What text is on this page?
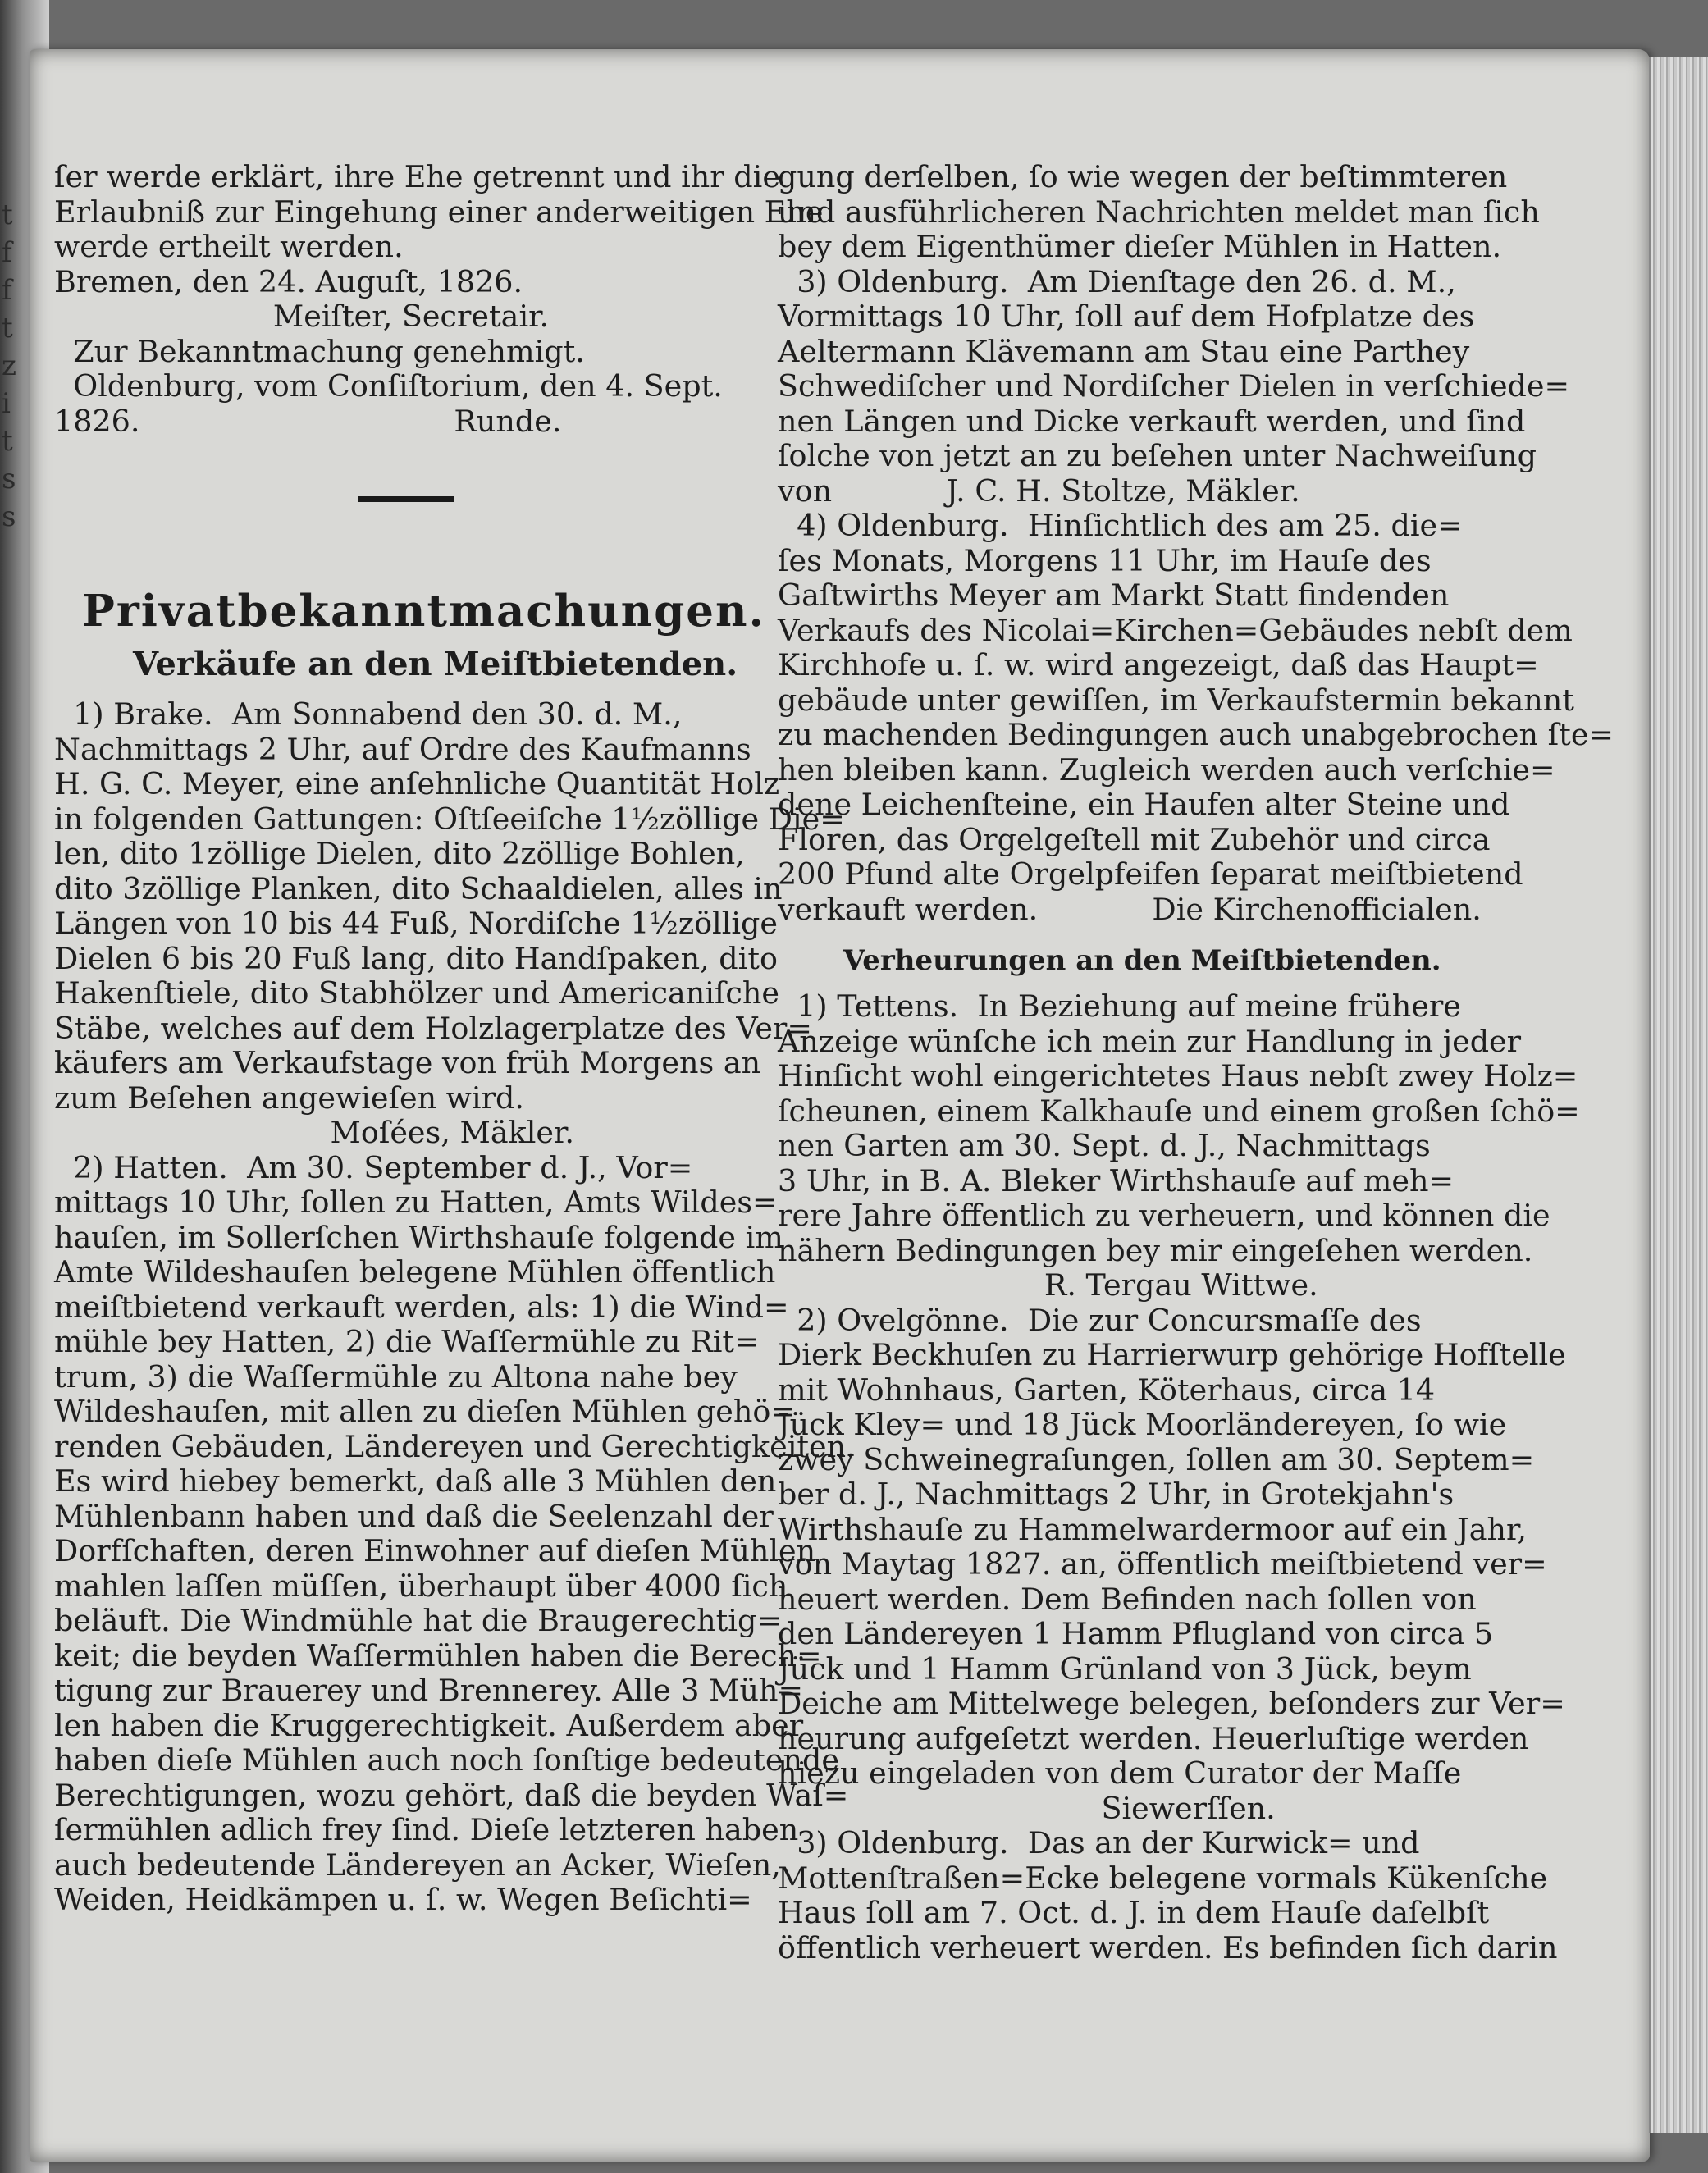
t
f
f
t
z
i
t
s
s
ſer werde erklärt, ihre Ehe getrennt und ihr die
Erlaubniß zur Eingehung einer anderweitigen Ehe
werde ertheilt werden.
Bremen, den 24. Auguſt, 1826.
Meiſter, Secretair.
Zur Bekanntmachung genehmigt.
Oldenburg, vom Conſiſtorium, den 4. Sept.
1826.                                 Runde.
Privatbekanntmachungen.
Verkäufe an den Meiſtbietenden.
1) Brake.  Am Sonnabend den 30. d. M.,
Nachmittags 2 Uhr, auf Ordre des Kaufmanns
H. G. C. Meyer, eine anſehnliche Quantität Holz
in folgenden Gattungen: Oſtſeeiſche 1½zöllige Die=
len, dito 1zöllige Dielen, dito 2zöllige Bohlen,
dito 3zöllige Planken, dito Schaaldielen, alles in
Längen von 10 bis 44 Fuß, Nordiſche 1½zöllige
Dielen 6 bis 20 Fuß lang, dito Handſpaken, dito
Hakenſtiele, dito Stabhölzer und Americaniſche
Stäbe, welches auf dem Holzlagerplatze des Ver=
käufers am Verkaufstage von früh Morgens an
zum Beſehen angewieſen wird.
Moſées, Mäkler.
2) Hatten.  Am 30. September d. J., Vor=
mittags 10 Uhr, ſollen zu Hatten, Amts Wildes=
hauſen, im Sollerſchen Wirthshauſe folgende im
Amte Wildeshauſen belegene Mühlen öffentlich
meiſtbietend verkauft werden, als: 1) die Wind=
mühle bey Hatten, 2) die Waſſermühle zu Rit=
trum, 3) die Waſſermühle zu Altona nahe bey
Wildeshauſen, mit allen zu dieſen Mühlen gehö=
renden Gebäuden, Ländereyen und Gerechtigkeiten.
Es wird hiebey bemerkt, daß alle 3 Mühlen den
Mühlenbann haben und daß die Seelenzahl der
Dorfſchaften, deren Einwohner auf dieſen Mühlen
mahlen laſſen müſſen, überhaupt über 4000 ſich
beläuft. Die Windmühle hat die Braugerechtig=
keit; die beyden Waſſermühlen haben die Berech=
tigung zur Brauerey und Brennerey. Alle 3 Müh=
len haben die Kruggerechtigkeit. Außerdem aber
haben dieſe Mühlen auch noch ſonſtige bedeutende
Berechtigungen, wozu gehört, daß die beyden Waſ=
ſermühlen adlich frey ſind. Dieſe letzteren haben
auch bedeutende Ländereyen an Acker, Wieſen,
Weiden, Heidkämpen u. ſ. w. Wegen Beſichti=
gung derſelben, ſo wie wegen der beſtimmteren
und ausführlicheren Nachrichten meldet man ſich
bey dem Eigenthümer dieſer Mühlen in Hatten.
3) Oldenburg.  Am Dienſtage den 26. d. M.,
Vormittags 10 Uhr, ſoll auf dem Hofplatze des
Aeltermann Klävemann am Stau eine Parthey
Schwediſcher und Nordiſcher Dielen in verſchiede=
nen Längen und Dicke verkauft werden, und ſind
ſolche von jetzt an zu beſehen unter Nachweiſung
von            J. C. H. Stoltze, Mäkler.
4) Oldenburg.  Hinſichtlich des am 25. die=
ſes Monats, Morgens 11 Uhr, im Hauſe des
Gaſtwirths Meyer am Markt Statt findenden
Verkaufs des Nicolai=Kirchen=Gebäudes nebſt dem
Kirchhofe u. ſ. w. wird angezeigt, daß das Haupt=
gebäude unter gewiſſen, im Verkaufstermin bekannt
zu machenden Bedingungen auch unabgebrochen ſte=
hen bleiben kann. Zugleich werden auch verſchie=
dene Leichenſteine, ein Haufen alter Steine und
Floren, das Orgelgeſtell mit Zubehör und circa
200 Pfund alte Orgelpfeifen ſeparat meiſtbietend
verkauft werden.            Die Kirchenofficialen.
Verheurungen an den Meiſtbietenden.
1) Tettens.  In Beziehung auf meine frühere
Anzeige wünſche ich mein zur Handlung in jeder
Hinſicht wohl eingerichtetes Haus nebſt zwey Holz=
ſcheunen, einem Kalkhauſe und einem großen ſchö=
nen Garten am 30. Sept. d. J., Nachmittags
3 Uhr, in B. A. Bleker Wirthshauſe auf meh=
rere Jahre öffentlich zu verheuern, und können die
nähern Bedingungen bey mir eingeſehen werden.
R. Tergau Wittwe.
2) Ovelgönne.  Die zur Concursmaſſe des
Dierk Beckhuſen zu Harrierwurp gehörige Hofſtelle
mit Wohnhaus, Garten, Köterhaus, circa 14
Jück Kley= und 18 Jück Moorländereyen, ſo wie
zwey Schweinegraſungen, ſollen am 30. Septem=
ber d. J., Nachmittags 2 Uhr, in Grotekjahn's
Wirthshauſe zu Hammelwardermoor auf ein Jahr,
von Maytag 1827. an, öffentlich meiſtbietend ver=
heuert werden. Dem Befinden nach ſollen von
den Ländereyen 1 Hamm Pflugland von circa 5
Jück und 1 Hamm Grünland von 3 Jück, beym
Deiche am Mittelwege belegen, beſonders zur Ver=
heurung aufgeſetzt werden. Heuerluſtige werden
hiezu eingeladen von dem Curator der Maſſe
Siewerſſen.
3) Oldenburg.  Das an der Kurwick= und
Mottenſtraßen=Ecke belegene vormals Kükenſche
Haus ſoll am 7. Oct. d. J. in dem Hauſe daſelbſt
öffentlich verheuert werden. Es befinden ſich darin
